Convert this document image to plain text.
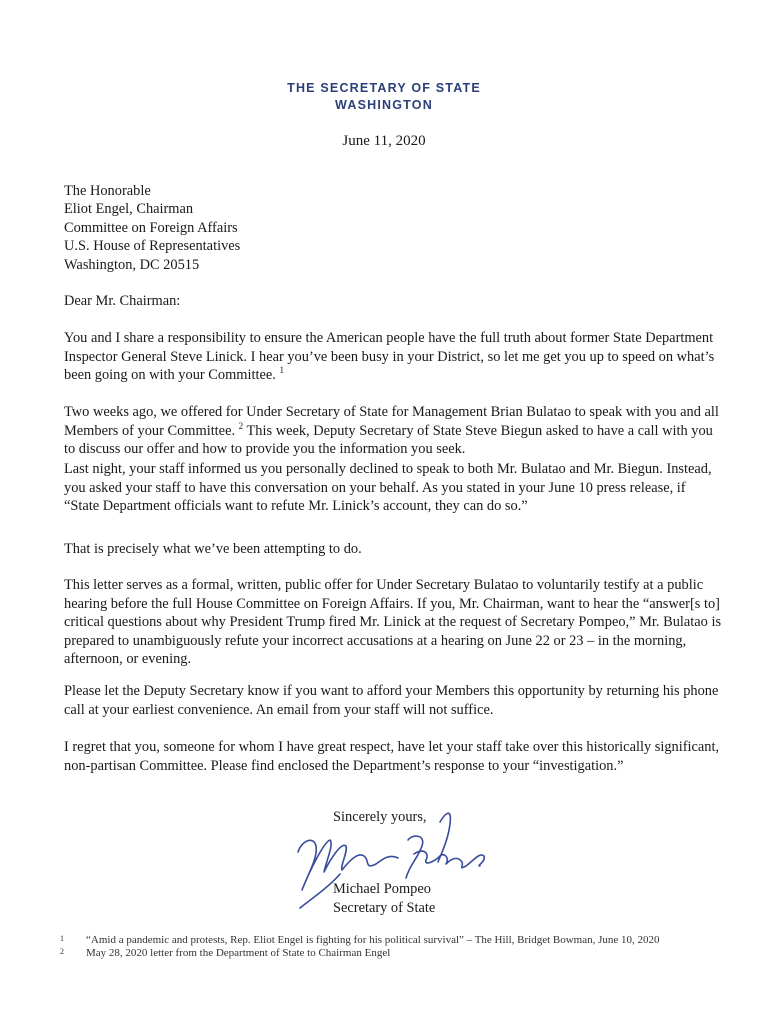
THE SECRETARY OF STATE
WASHINGTON
June 11, 2020
The Honorable
Eliot Engel, Chairman
Committee on Foreign Affairs
U.S. House of Representatives
Washington, DC 20515
Dear Mr. Chairman:

You and I share a responsibility to ensure the American people have the full truth about former State Department Inspector General Steve Linick. I hear you’ve been busy in your District, so let me get you up to speed on what’s been going on with your Committee. $^1$

Two weeks ago, we offered for Under Secretary of State for Management Brian Bulatao to speak with you and all Members of your Committee. $^2$ This week, Deputy Secretary of State Steve Biegun asked to have a call with you to discuss our offer and how to provide you the information you seek.

Last night, your staff informed us you personally declined to speak to both Mr. Bulatao and Mr. Biegun. Instead, you asked your staff to have this conversation on your behalf. As you stated in your June 10 press release, if “State Department officials want to refute Mr. Linick’s account, they can do so.”

That is precisely what we’ve been attempting to do.

This letter serves as a formal, written, public offer for Under Secretary Bulatao to voluntarily testify at a public hearing before the full House Committee on Foreign Affairs. If you, Mr. Chairman, want to hear the “answer[s to] critical questions about why President Trump fired Mr. Linick at the request of Secretary Pompeo,” Mr. Bulatao is prepared to unambiguously refute your incorrect accusations at a hearing on June 22 or 23 – in the morning, afternoon, or evening.

Please let the Deputy Secretary know if you want to afford your Members this opportunity by returning his phone call at your earliest convenience. An email from your staff will not suffice.

I regret that you, someone for whom I have great respect, have let your staff take over this historically significant, non-partisan Committee. Please find enclosed the Department’s response to your “investigation.”

Sincerely yours,
Michael Pompeo
Secretary of State
1 “Amid a pandemic and protests, Rep. Eliot Engel is fighting for his political survival” – The Hill, Bridget Bowman, June 10, 2020
2 May 28, 2020 letter from the Department of State to Chairman Engel
